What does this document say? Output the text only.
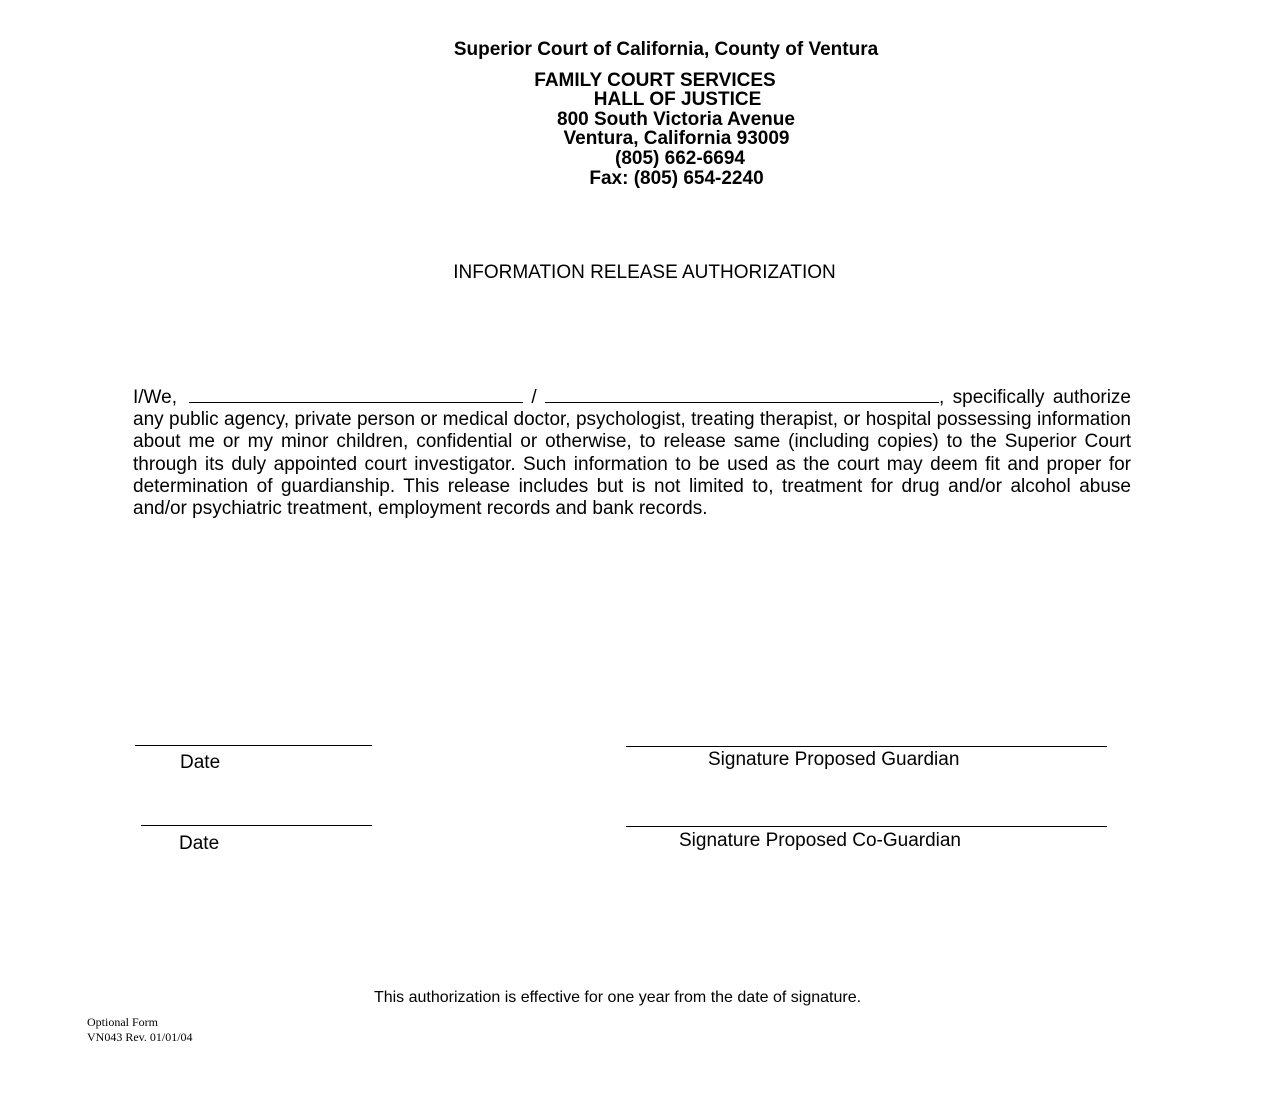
Superior Court of California, County of Ventura
FAMILY COURT SERVICES
HALL OF JUSTICE
800 South Victoria Avenue
Ventura, California 93009
(805) 662-6694
Fax: (805) 654-2240
INFORMATION RELEASE AUTHORIZATION
I/We,	/	, specifically authorize any public agency, private person or medical doctor, psychologist, treating therapist, or hospital possessing information about me or my minor children, confidential or otherwise, to release same (including copies) to the Superior Court through its duly appointed court investigator. Such information to be used as the court may deem fit and proper for determination of guardianship. This release includes but is not limited to, treatment for drug and/or alcohol abuse and/or psychiatric treatment, employment records and bank records.
Date	Signature Proposed Guardian
Date	Signature Proposed Co-Guardian
This authorization is effective for one year from the date of signature.
Optional Form
VN043 Rev. 01/01/04
